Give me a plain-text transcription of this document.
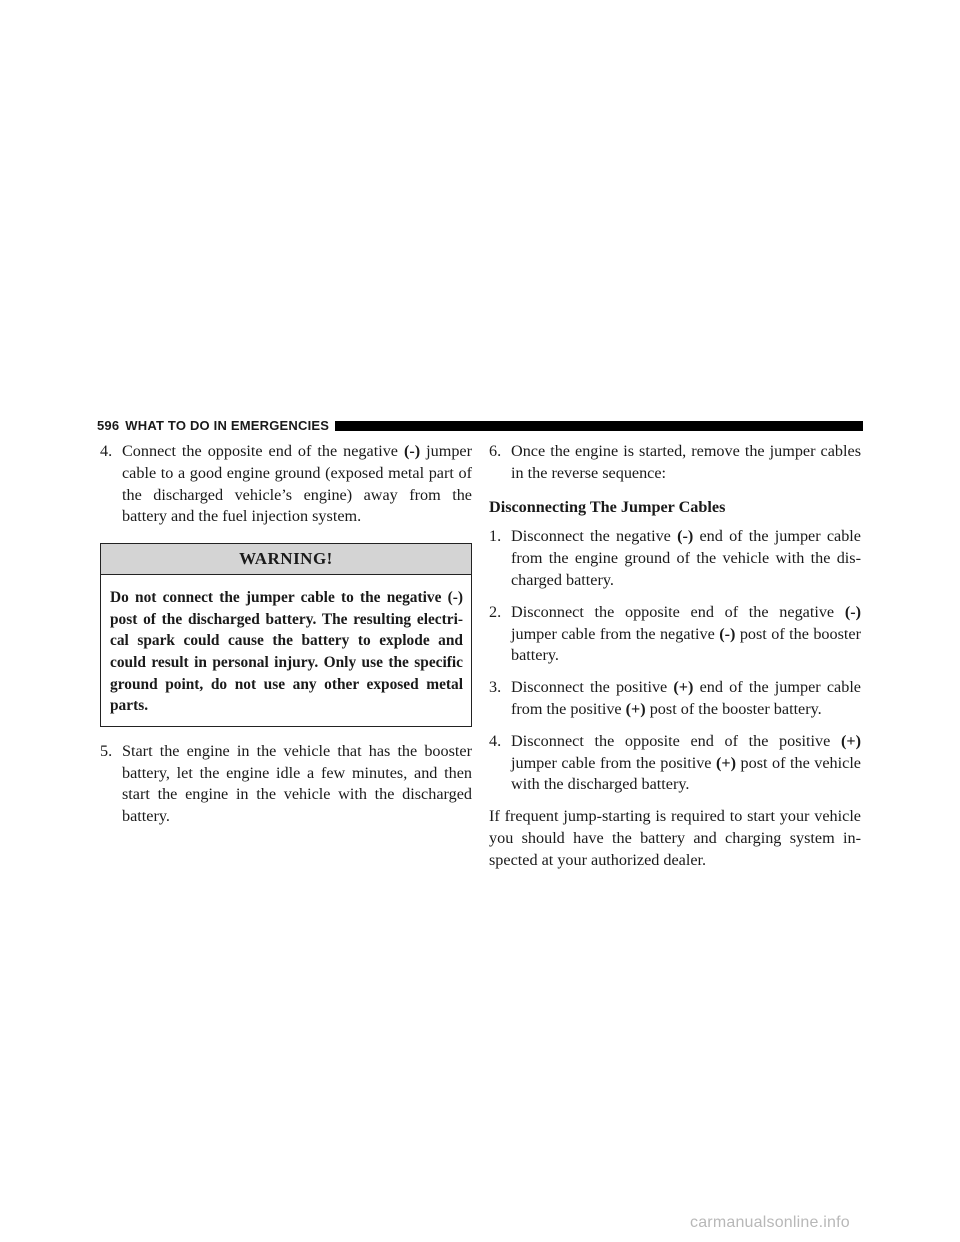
596 WHAT TO DO IN EMERGENCIES

4. Connect the opposite end of the negative (-) jumper cable to a good engine ground (exposed metal part of the discharged vehicle’s engine) away from the battery and the fuel injection system.

WARNING!
Do not connect the jumper cable to the negative (-) post of the discharged battery. The resulting electri-cal spark could cause the battery to explode and could result in personal injury. Only use the specific ground point, do not use any other exposed metal parts.

5. Start the engine in the vehicle that has the booster battery, let the engine idle a few minutes, and then start the engine in the vehicle with the discharged battery.

6. Once the engine is started, remove the jumper cables in the reverse sequence:

Disconnecting The Jumper Cables

1. Disconnect the negative (-) end of the jumper cable from the engine ground of the vehicle with the dis-charged battery.

2. Disconnect the opposite end of the negative (-) jumper cable from the negative (-) post of the booster battery.

3. Disconnect the positive (+) end of the jumper cable from the positive (+) post of the booster battery.

4. Disconnect the opposite end of the positive (+) jumper cable from the positive (+) post of the vehicle with the discharged battery.

If frequent jump-starting is required to start your vehicle you should have the battery and charging system in-spected at your authorized dealer.

carmanualsonline.info
